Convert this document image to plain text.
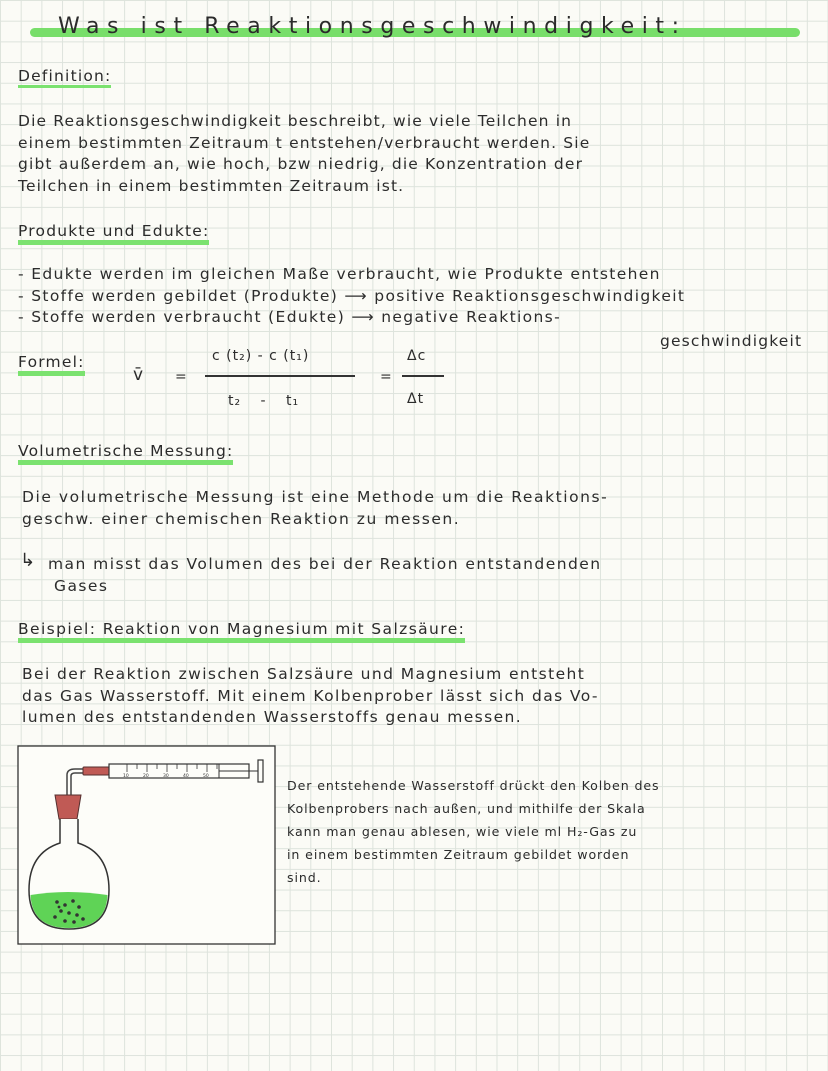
Was ist Reaktionsgeschwindigkeit:
Definition:
Die Reaktionsgeschwindigkeit beschreibt, wie viele Teilchen in
einem bestimmten Zeitraum t entstehen/verbraucht werden. Sie
gibt außerdem an, wie hoch, bzw niedrig, die Konzentration der
Teilchen in einem bestimmten Zeitraum ist.
Produkte und Edukte:
- Edukte werden im gleichen Maße verbraucht, wie Produkte entstehen
- Stoffe werden gebildet (Produkte) ⟶ positive Reaktionsgeschwindigkeit
- Stoffe werden verbraucht (Edukte) ⟶ negative Reaktions-
geschwindigkeit
Formel:
v̄ =
c (t₂) - c (t₁)
t₂ - t₁
=
Δc
Δt
Volumetrische Messung:
Die volumetrische Messung ist eine Methode um die Reaktions-
geschw. einer chemischen Reaktion zu messen.
↳ man misst das Volumen des bei der Reaktion entstandenden
Gases
Beispiel: Reaktion von Magnesium mit Salzsäure:
Bei der Reaktion zwischen Salzsäure und Magnesium entsteht
das Gas Wasserstoff. Mit einem Kolbenprober lässt sich das Vo-
lumen des entstandenden Wasserstoffs genau messen.
10	20	30	40	50
Der entstehende Wasserstoff drückt den Kolben des
Kolbenprobers nach außen, und mithilfe der Skala
kann man genau ablesen, wie viele ml H₂-Gas zu
in einem bestimmten Zeitraum gebildet worden
sind.
